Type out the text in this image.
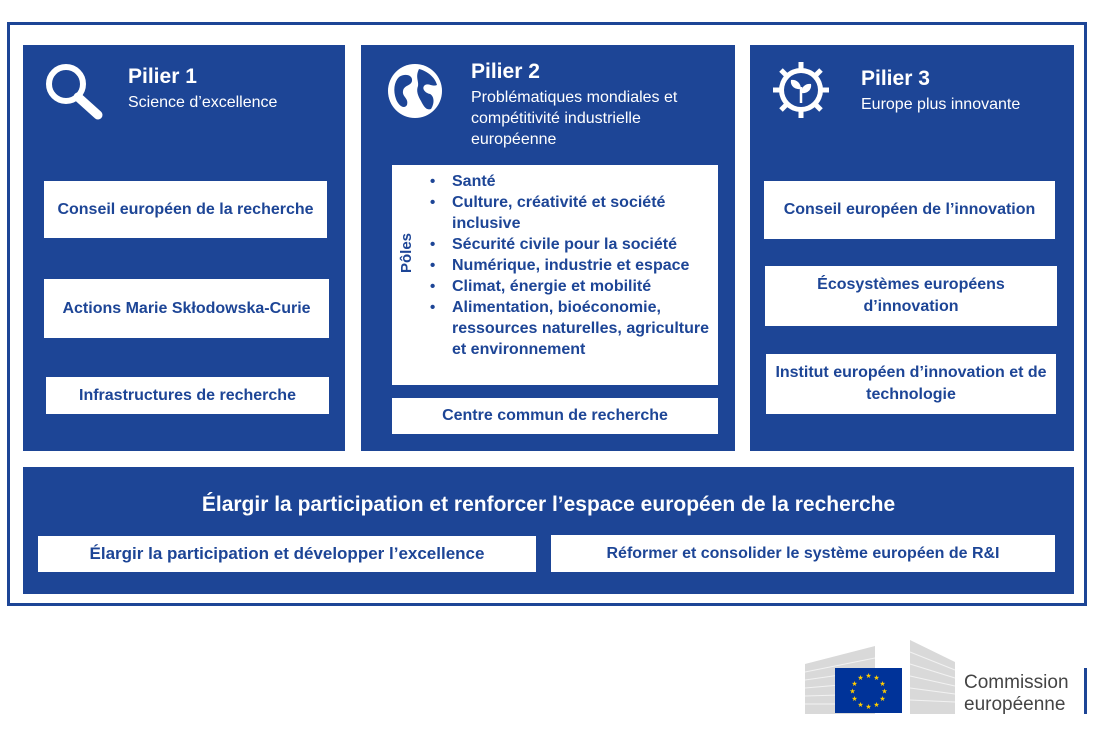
Pilier 1
Science d’excellence
Conseil européen de la recherche
Actions Marie Skłodowska-Curie
Infrastructures de recherche
Pilier 2
Problématiques mondiales et compétitivité industrielle européenne
Pôles
• Santé
• Culture, créativité et société inclusive
• Sécurité civile pour la société
• Numérique, industrie et espace
• Climat, énergie et mobilité
• Alimentation, bioéconomie, ressources naturelles, agriculture et environnement
Centre commun de recherche
Pilier 3
Europe plus innovante
Conseil européen de l’innovation
Écosystèmes européens d’innovation
Institut européen d’innovation et de technologie
Élargir la participation et renforcer l’espace européen de la recherche
Élargir la participation et développer l’excellence	Réformer et consolider le système européen de R&I
★ ★
★
★
★
★
★
★
★
★
★
★	Commission
européenne
